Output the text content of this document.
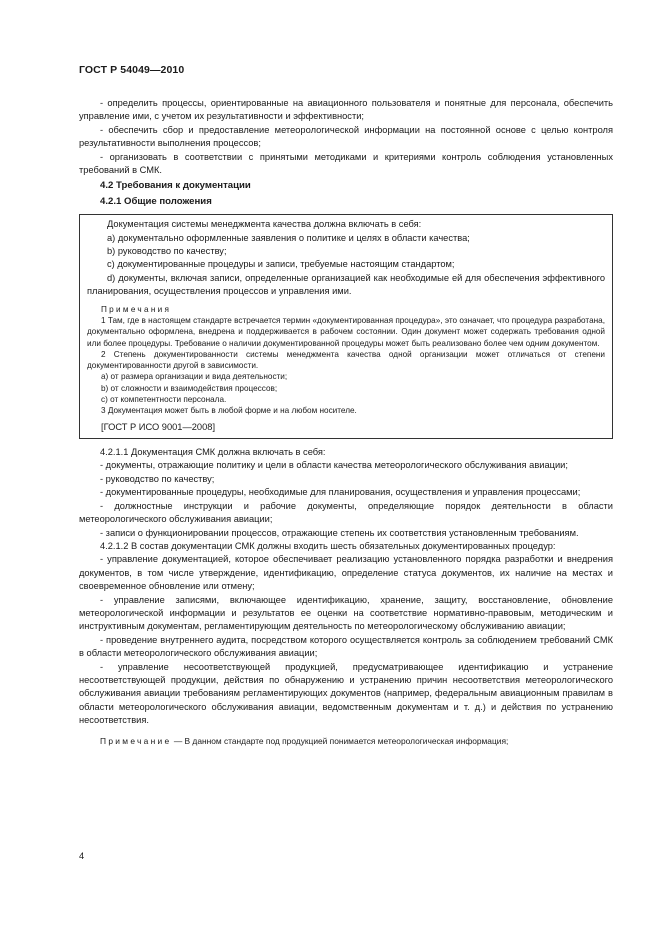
ГОСТ Р 54049—2010

- определить процессы, ориентированные на авиационного пользователя и понятные для персонала, обеспечить управление ими, с учетом их результативности и эффективности;

- обеспечить сбор и предоставление метеорологической информации на постоянной основе с целью контроля результативности выполнения процессов;

- организовать в соответствии с принятыми методиками и критериями контроль соблюдения установленных требований в СМК.

4.2 Требования к документации
4.2.1 Общие положения

Документация системы менеджмента качества должна включать в себя:

a) документально оформленные заявления о политике и целях в области качества;

b) руководство по качеству;

c) документированные процедуры и записи, требуемые настоящим стандартом;

d) документы, включая записи, определенные организацией как необходимые ей для обеспечения эффективного планирования, осуществления процессов и управления ими.

Примечания

1 Там, где в настоящем стандарте встречается термин «документированная процедура», это означает, что процедура разработана, документально оформлена, внедрена и поддерживается в рабочем состоянии. Один документ может содержать требования одной или более процедуры. Требование о наличии документированной процедуры может быть реализовано более чем одним документом.

2 Степень документированности системы менеджмента качества одной организации может отличаться от степени документированности другой в зависимости.

a) от размера организации и вида деятельности;

b) от сложности и взаимодействия процессов;

c) от компетентности персонала.

3 Документация может быть в любой форме и на любом носителе.

[ГОСТ Р ИСО 9001—2008]

4.2.1.1 Документация СМК должна включать в себя:

- документы, отражающие политику и цели в области качества метеорологического обслуживания авиации;

- руководство по качеству;

- документированные процедуры, необходимые для планирования, осуществления и управления процессами;

- должностные инструкции и рабочие документы, определяющие порядок деятельности в области метеорологического обслуживания авиации;

- записи о функционировании процессов, отражающие степень их соответствия установленным требованиям.

4.2.1.2 В состав документации СМК должны входить шесть обязательных документированных процедур:

- управление документацией, которое обеспечивает реализацию установленного порядка разработки и внедрения документов, в том числе утверждение, идентификацию, определение статуса документов, их наличие на местах и своевременное обновление или отмену;

- управление записями, включающее идентификацию, хранение, защиту, восстановление, обновление метеорологической информации и результатов ее оценки на соответствие нормативно-правовым, методическим и инструктивным документам, регламентирующим деятельность по метеорологическому обслуживанию авиации;

- проведение внутреннего аудита, посредством которого осуществляется контроль за соблюдением требований СМК в области метеорологического обслуживания авиации;

- управление несоответствующей продукцией, предусматривающее идентификацию и устранение несоответствующей продукции, действия по обнаружению и устранению причин несоответствия метеорологического обслуживания авиации требованиям регламентирующих документов (например, федеральным авиационным правилам в области метеорологического обслуживания авиации, ведомственным документам и т. д.) и действия по устранению несоответствия.

Примечание — В данном стандарте под продукцией понимается метеорологическая информация;

4
